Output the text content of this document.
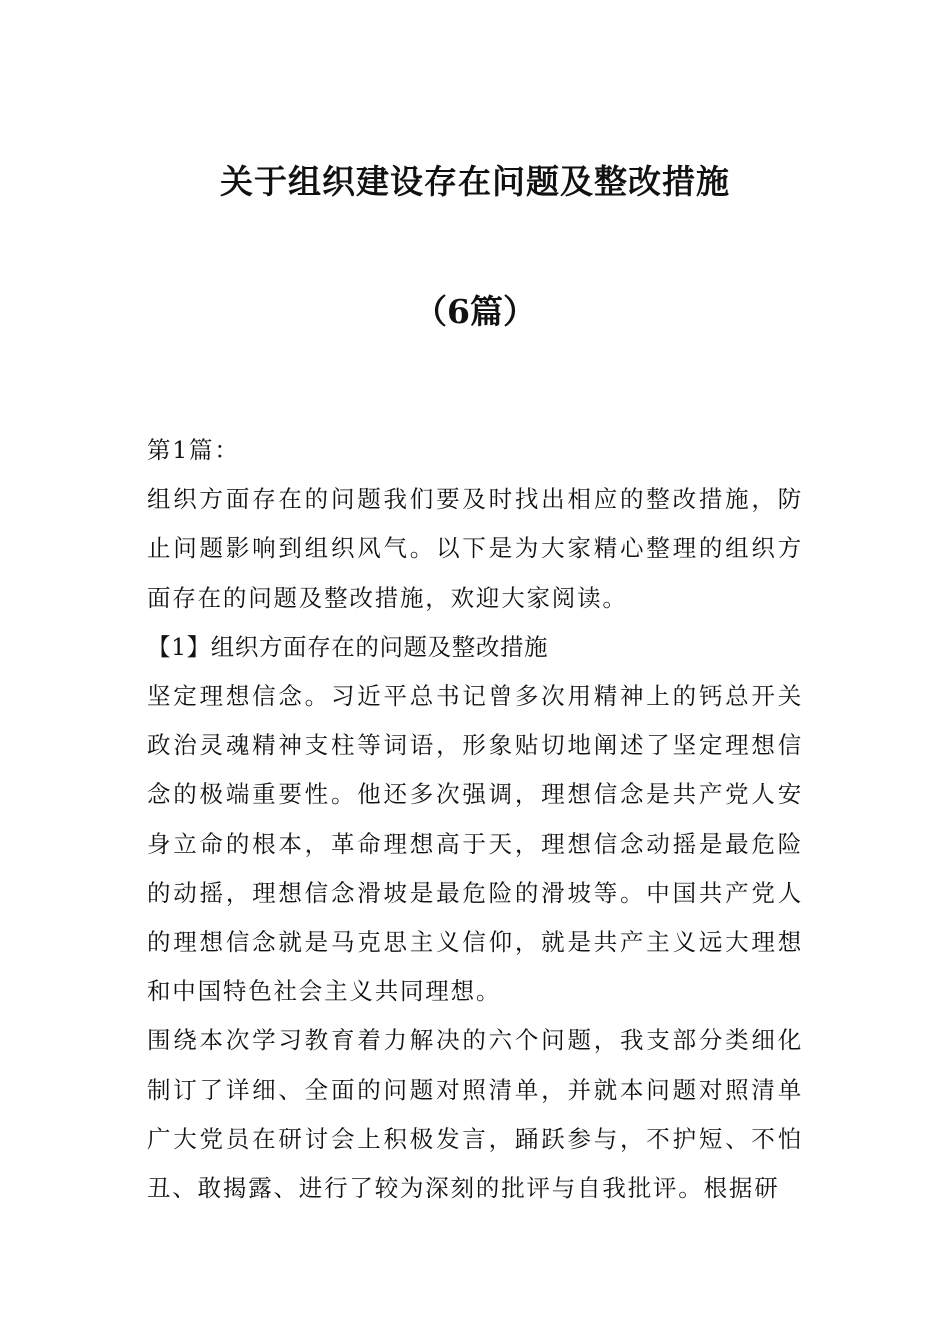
关于组织建设存在问题及整改措施
（6篇）

第1篇：

组织方面存在的问题我们要及时找出相应的整改措施，防止问题影响到组织风气。以下是为大家精心整理的组织方面存在的问题及整改措施，欢迎大家阅读。

【1】组织方面存在的问题及整改措施

坚定理想信念。习近平总书记曾多次用精神上的钙总开关政治灵魂精神支柱等词语，形象贴切地阐述了坚定理想信念的极端重要性。他还多次强调，理想信念是共产党人安身立命的根本，革命理想高于天，理想信念动摇是最危险的动摇，理想信念滑坡是最危险的滑坡等。中国共产党人的理想信念就是马克思主义信仰，就是共产主义远大理想和中国特色社会主义共同理想。

围绕本次学习教育着力解决的六个问题，我支部分类细化制订了详细、全面的问题对照清单，并就本问题对照清单广大党员在研讨会上积极发言，踊跃参与，不护短、不怕丑、敢揭露、进行了较为深刻的批评与自我批评。根据研
